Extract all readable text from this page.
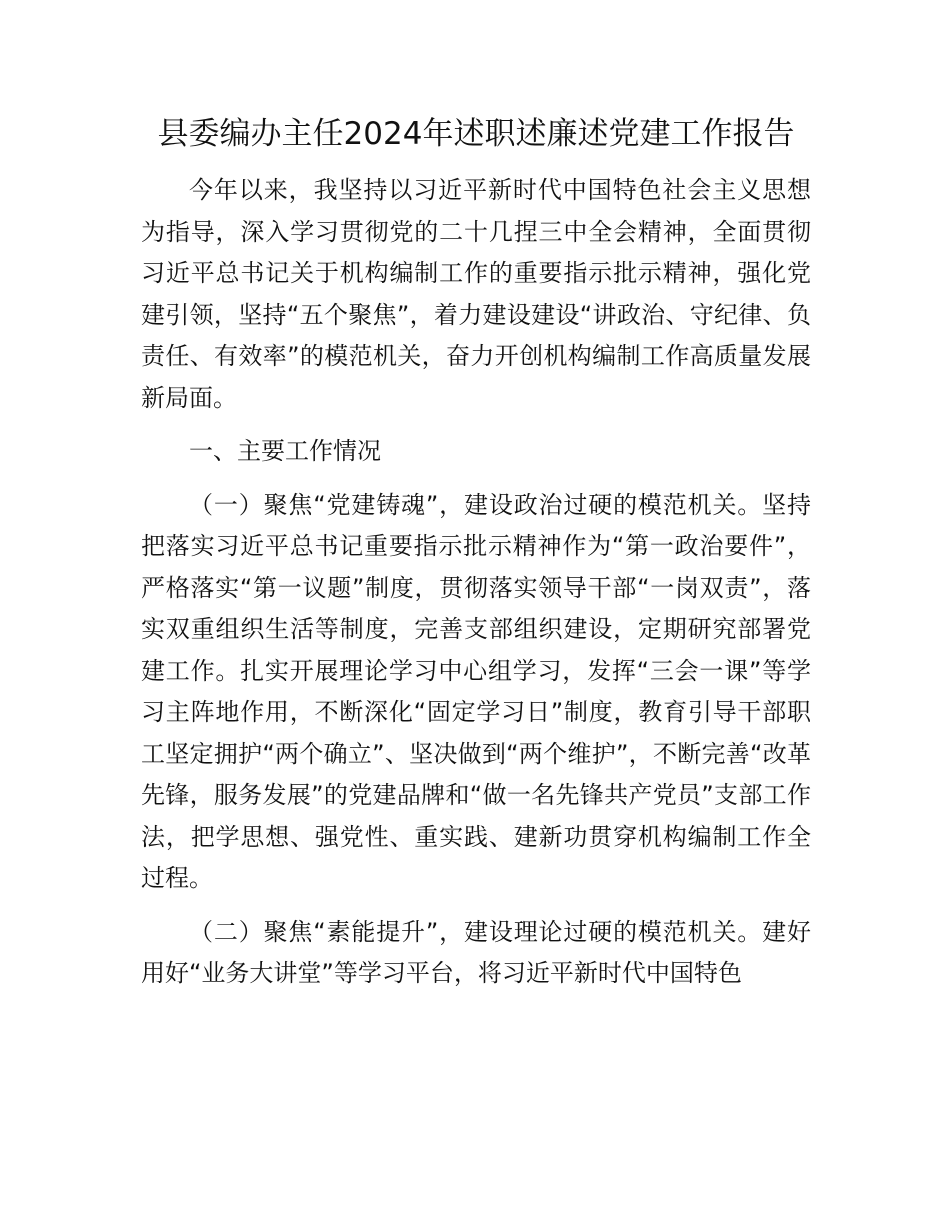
县委编办主任2024年述职述廉述党建工作报告

今年以来，我坚持以习近平新时代中国特色社会主义思想为指导，深入学习贯彻党的二十几捏三中全会精神，全面贯彻习近平总书记关于机构编制工作的重要指示批示精神，强化党建引领，坚持“五个聚焦”，着力建设建设“讲政治、守纪律、负责任、有效率”的模范机关，奋力开创机构编制工作高质量发展新局面。

一、主要工作情况

（一）聚焦“党建铸魂”，建设政治过硬的模范机关。坚持把落实习近平总书记重要指示批示精神作为“第一政治要件”，严格落实“第一议题”制度，贯彻落实领导干部“一岗双责”，落实双重组织生活等制度，完善支部组织建设，定期研究部署党建工作。扎实开展理论学习中心组学习，发挥“三会一课”等学习主阵地作用，不断深化“固定学习日”制度，教育引导干部职工坚定拥护“两个确立”、坚决做到“两个维护”，不断完善“改革先锋，服务发展”的党建品牌和“做一名先锋共产党员”支部工作法，把学思想、强党性、重实践、建新功贯穿机构编制工作全过程。

（二）聚焦“素能提升”，建设理论过硬的模范机关。建好用好“业务大讲堂”等学习平台，将习近平新时代中国特色
